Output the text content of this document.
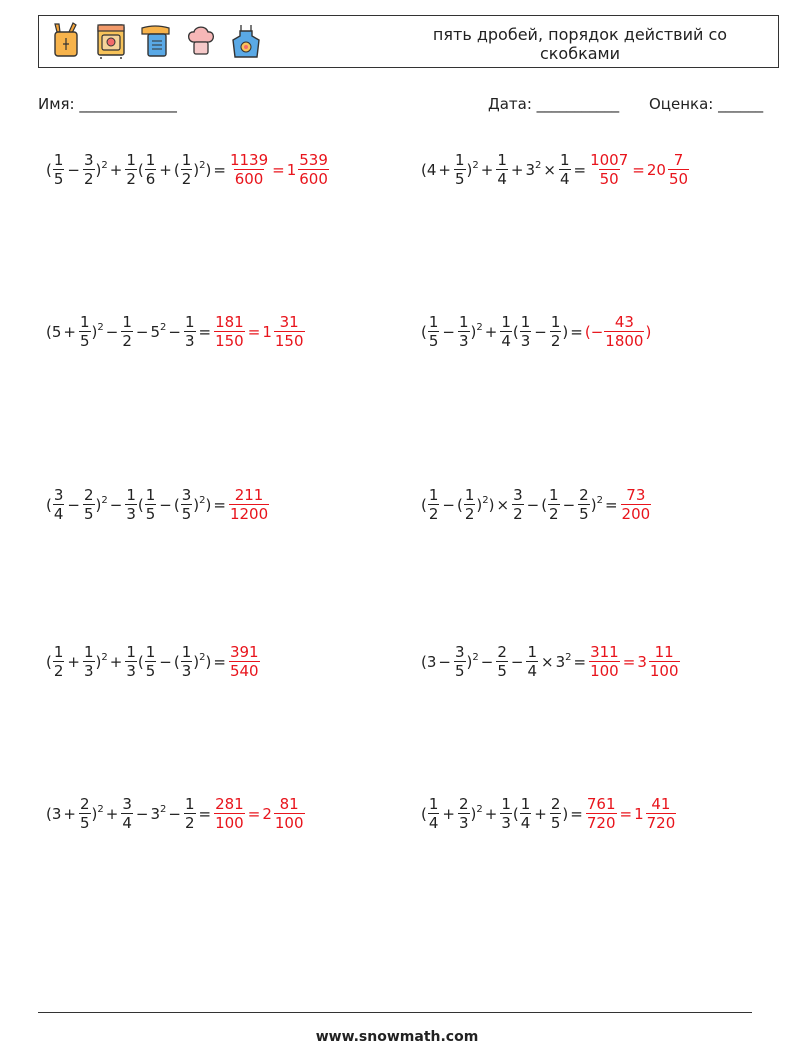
пять дробей, порядок действий со скобками
Имя: _____________	Дата: ___________ Оценка: ______
( $\frac{1}{5} - \frac{3}{2} )^2 + \frac{1}{2}$ ( $\frac{1}{6}$ + ( $\frac{1}{2} )^2) = \frac{1139}{600} = 1 \frac{539}{600}$	$(4 + \frac{1}{5} )^2 + \frac{1}{4} + 3^2 \times \frac{1}{4} = \frac{1007}{50} = 20 \frac{7}{50}$
$(5 + \frac{1}{5} )^2 - \frac{1}{2} - 5^2 - \frac{1}{3} = \frac{181}{150} = 1 \frac{31}{150}$	( $\frac{1}{5} - \frac{1}{3} )^2 + \frac{1}{4}$ ( $\frac{1}{3} - \frac{1}{2}$ ) = (− $\frac{43}{1800}$ )
( $\frac{3}{4} - \frac{2}{5} )^2 - \frac{1}{3}$ ( $\frac{1}{5}$ − ( $\frac{3}{5} )^2) = \frac{211}{1200}$	( $\frac{1}{2}$ − ( $\frac{1}{2} )^2) \times \frac{3}{2}$ − ( $\frac{1}{2} - \frac{2}{5} )^2 = \frac{73}{200}$
( $\frac{1}{2} + \frac{1}{3} )^2 + \frac{1}{3}$ ( $\frac{1}{5}$ − ( $\frac{1}{3} )^2) = \frac{391}{540}$	$(3 - \frac{3}{5} )^2 - \frac{2}{5} - \frac{1}{4} \times 3^2 = \frac{311}{100} = 3 \frac{11}{100}$
$(3 + \frac{2}{5} )^2 + \frac{3}{4} - 3^2 - \frac{1}{2} = \frac{281}{100} = 2 \frac{81}{100}$	( $\frac{1}{4} + \frac{2}{3} )^2 + \frac{1}{3}$ ( $\frac{1}{4} + \frac{2}{5}$ ) = $\frac{761}{720} = 1 \frac{41}{720}$
www.snowmath.com
